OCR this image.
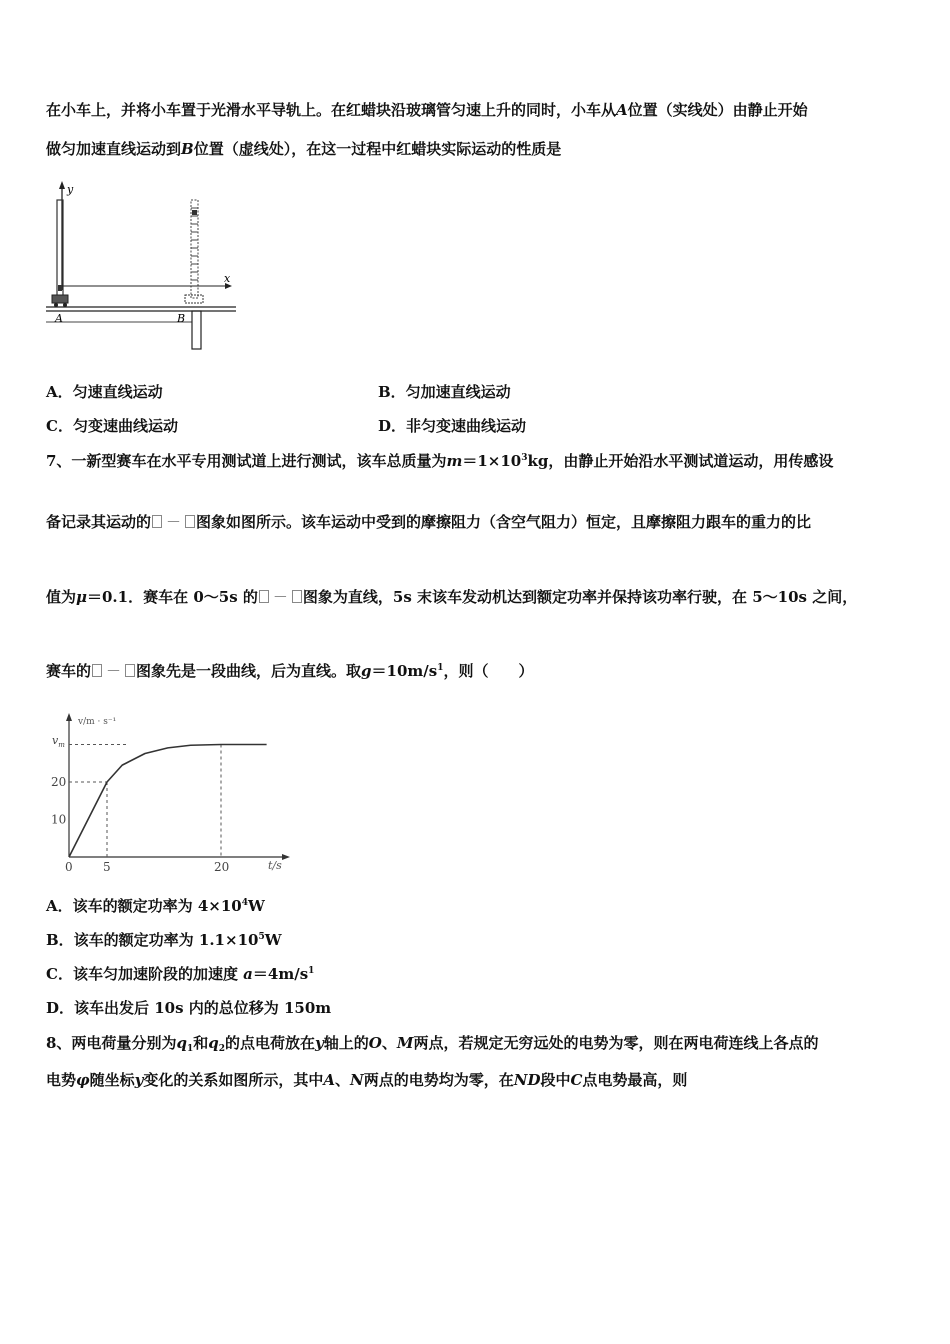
在小车上，并将小车置于光滑水平导轨上。在红蜡块沿玻璃管匀速上升的同时，小车从A位置（实线处）由静止开始
做匀加速直线运动到B位置（虚线处），在这一过程中红蜡块实际运动的性质是
y
x
A	B
A．匀速直线运动	B．匀加速直线运动
C．匀变速曲线运动	D．非匀变速曲线运动
7、一新型赛车在水平专用测试道上进行测试，该车总质量为$m=1\times 10^3kg$，由静止开始沿水平测试道运动，用传感设
备记录其运动的 － 图象如图所示。该车运动中受到的摩擦阻力（含空气阻力）恒定，且摩擦阻力跟车的重力的比
值为μ＝0.1．赛车在 0～5s 的 － 图象为直线，5s 末该车发动机达到额定功率并保持该功率行驶，在 5～10s 之间，
赛车的 － 图象先是一段曲线，后为直线。取$g=10m/s^1$，则（　　）
v/m · s⁻¹
t/s
$v_m$
10
20
0	5	20
A．该车的额定功率为 $4\times 10^4W$
B．该车的额定功率为 $1.1\times 10^5W$
C．该车匀加速阶段的加速度 $a=4m/s^1$
D．该车出发后 10s 内的总位移为 150m
8、两电荷量分别为$q_1$和$q_2$的点电荷放在y轴上的O、M两点，若规定无穷远处的电势为零，则在两电荷连线上各点的
电势φ随坐标y变化的关系如图所示，其中A、N两点的电势均为零，在ND段中C点电势最高，则
